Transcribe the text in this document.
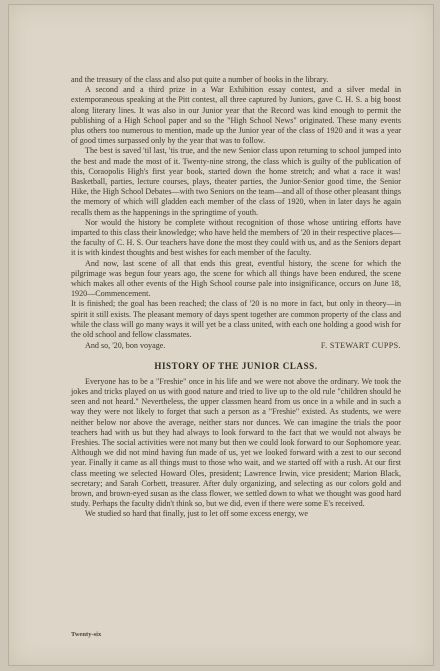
and the treasury of the class and also put quite a number of books in the library.

A second and a third prize in a War Exhibition essay contest, and a silver medal in extemporaneous speaking at the Pitt contest, all three captured by Juniors, gave C. H. S. a big boost along literary lines. It was also in our Junior year that the Record was kind enough to permit the publishing of a High School paper and so the "High School News" originated. These many events plus others too numerous to mention, made up the Junior year of the class of 1920 and it was a year of good times surpassed only by the year that was to follow.

The best is saved 'til last, 'tis true, and the new Senior class upon returning to school jumped into the best and made the most of it. Twenty-nine strong, the class which is guilty of the publication of this, Coraopolis High's first year book, started down the home stretch; and what a race it was! Basketball, parties, lecture courses, plays, theater parties, the Junior-Senior good time, the Senior Hike, the High School Debates—with two Seniors on the team—and all of those other pleasant things the memory of which will gladden each member of the class of 1920, when in later days he again recalls them as the happenings in the springtime of youth.

Nor would the history be complete without recognition of those whose untiring efforts have imparted to this class their knowledge; who have held the members of '20 in their respective places—the faculty of C. H. S. Our teachers have done the most they could with us, and as the Seniors depart it is with kindest thoughts and best wishes for each member of the faculty.

And now, last scene of all that ends this great, eventful history, the scene for which the pilgrimage was begun four years ago, the scene for which all things have been endured, the scene which makes all other events of the High School course pale into insignificance, occurs on June 18, 1920—Commencement.

It is finished; the goal has been reached; the class of '20 is no more in fact, but only in theory—in spirit it still exists. The pleasant memory of days spent together are common property of the class and while the class will go many ways it will yet be a class united, with each one holding a good wish for the old school and fellow classmates.

And so, '20, bon voyage.	F. STEWART CUPPS.
HISTORY OF THE JUNIOR CLASS.

Everyone has to be a "Freshie" once in his life and we were not above the ordinary. We took the jokes and tricks played on us with good nature and tried to live up to the old rule "children should be seen and not heard." Nevertheless, the upper classmen heard from us once in a while and in such a way they were not likely to forget that such a person as a "Freshie" existed. As students, we were neither below nor above the average, neither stars nor dunces. We can imagine the trials the poor teachers had with us but they had always to look forward to the fact that we would not always be Freshies. The social activities were not many but then we could look forward to our Sophomore year. Although we did not mind having fun made of us, yet we looked forward with a zest to our second year. Finally it came as all things must to those who wait, and we started off with a rush. At our first class meeting we selected Howard Oles, president; Lawrence Irwin, vice president; Marion Black, secretary; and Sarah Corbett, treasurer. After duly organizing, and selecting as our colors gold and brown, and brown-eyed susan as the class flower, we settled down to what we thought was good hard study. Perhaps the faculty didn't think so, but we did, even if there were some E's received.

We studied so hard that finally, just to let off some excess energy, we

Twenty-six
